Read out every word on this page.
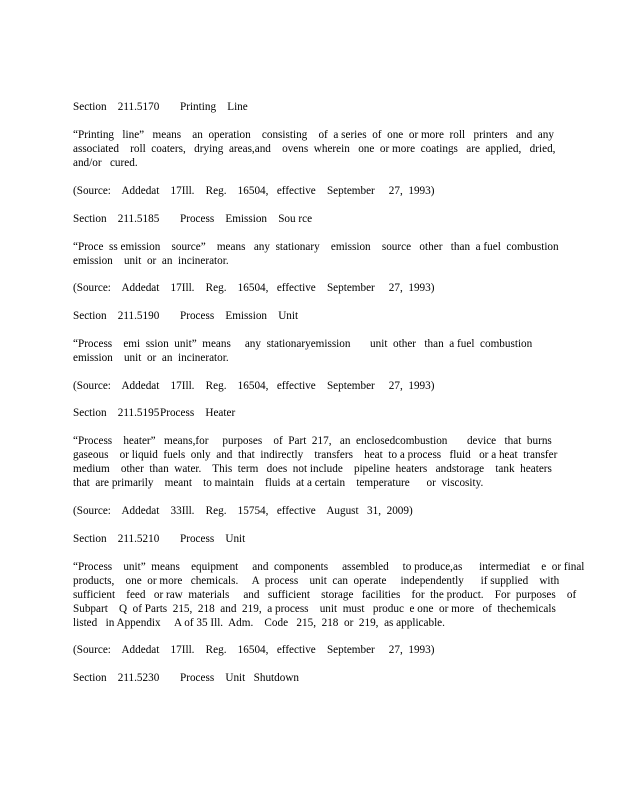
Section    211.5170 Printing    Line
“Printing   line”   means    an  operation    consisting    of  a series  of  one  or more  roll   printers   and  any
associated    roll  coaters,   drying  areas,and    ovens  wherein   one  or more  coatings   are  applied,   dried,
and/or   cured.
(Source:    Addedat    17Ill.    Reg.    16504,   effective    September     27,  1993)
Section    211.5185 Process    Emission    Sou rce
“Proce  ss emission    source”    means   any  stationary    emission    source   other   than  a fuel  combustion
emission    unit  or  an  incinerator.
(Source:    Addedat    17Ill.    Reg.    16504,   effective    September     27,  1993)
Section    211.5190 Process    Emission    Unit
“Process    emi  ssion  unit”  means     any  stationaryemission       unit  other   than  a fuel  combustion
emission    unit  or  an  incinerator.
(Source:    Addedat    17Ill.    Reg.    16504,   effective    September     27,  1993)
Section    211.5195Process    Heater
“Process    heater”   means,for     purposes    of  Part  217,   an  enclosedcombustion       device   that  burns
gaseous    or liquid  fuels  only  and  that  indirectly    transfers    heat  to a process   fluid   or a heat  transfer
medium    other  than  water.    This  term   does  not include    pipeline  heaters   andstorage    tank  heaters
that  are primarily    meant    to maintain    fluids  at a certain    temperature      or  viscosity.
(Source:    Addedat    33Ill.    Reg.    15754,   effective    August   31,  2009)
Section    211.5210 Process    Unit
“Process    unit”  means    equipment     and  components     assembled     to produce,as      intermediat    e  or final
products,    one  or more   chemicals.     A  process    unit  can  operate     independently      if supplied    with
sufficient    feed   or raw  materials     and   sufficient    storage   facilities    for  the product.    For  purposes    of
Subpart    Q  of Parts  215,  218  and  219,  a process    unit  must   produc  e one  or more   of  thechemicals
listed   in Appendix     A of 35 Ill.  Adm.    Code   215,  218  or  219,  as applicable.
(Source:    Addedat    17Ill.    Reg.    16504,   effective    September     27,  1993)
Section    211.5230 Process    Unit   Shutdown
